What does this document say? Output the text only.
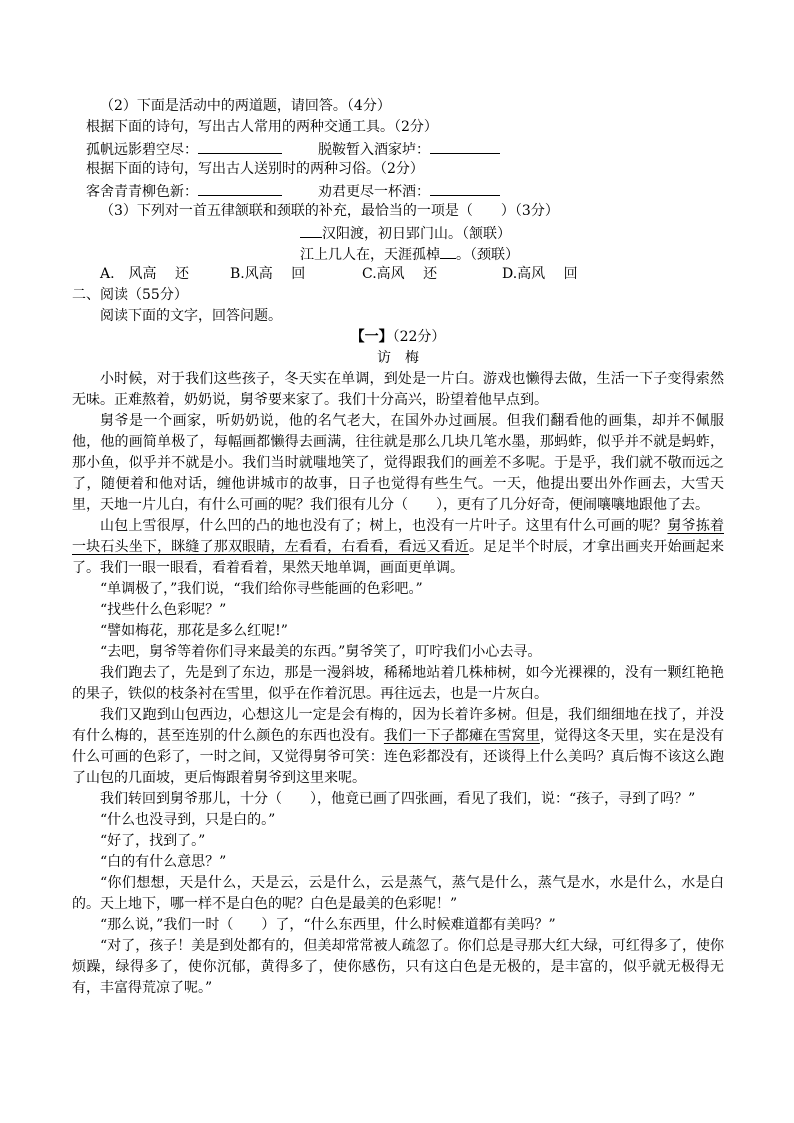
（2）下面是活动中的两道题，请回答。（4分）
根据下面的诗句，写出古人常用的两种交通工具。（2分）
孤帆远影碧空尽：	脱鞍暂入酒家垆：
根据下面的诗句，写出古人送别时的两种习俗。（2分）
客舍青青柳色新：	劝君更尽一杯酒：
（3）下列对一首五律颔联和颈联的补充，最恰当的一项是（　　）（3分）
汉阳渡，初日郢门山。（颔联）
江上几人在，天涯孤棹 。（颈联）
A.　风高　 还	B.风高　 回	C.高风　 还	D.高风　 回
二、阅读（55分）
阅读下面的文字，回答问题。
【一】（22分）
访　梅
小时候，对于我们这些孩子，冬天实在单调，到处是一片白。游戏也懒得去做，生活一下子变得索然无味。正难熬着，奶奶说，舅爷要来家了。我们十分高兴，盼望着他早点到。
舅爷是一个画家，听奶奶说，他的名气老大，在国外办过画展。但我们翻看他的画集，却并不佩服他，他的画简单极了，每幅画都懒得去画满，往往就是那么几块几笔水墨，那蚂蚱，似乎并不就是蚂蚱，那小鱼，似乎并不就是小。我们当时就嗤地笑了，觉得跟我们的画差不多呢。于是乎，我们就不敬而远之了，随便着和他对话，缠他讲城市的故事，日子也觉得有些生气。一天，他提出要出外作画去，大雪天里，天地一片儿白，有什么可画的呢？我们很有儿分（　　），更有了几分好奇，便闹嚷嚷地跟他了去。
山包上雪很厚，什么凹的凸的地也没有了；树上，也没有一片叶子。这里有什么可画的呢？舅爷拣着一块石头坐下，眯缝了那双眼睛，左看看，右看看，看远又看近。足足半个时辰，才拿出画夹开始画起来了。我们一眼一眼看，看着看着，果然天地单调，画面更单调。
“单调极了，”我们说，“我们给你寻些能画的色彩吧。”
“找些什么色彩呢？”
“譬如梅花，那花是多么红呢!”
“去吧，舅爷等着你们寻来最美的东西。”舅爷笑了，叮咛我们小心去寻。
我们跑去了，先是到了东边，那是一漫斜坡，稀稀地站着几株柿树，如今光裸裸的，没有一颗红艳艳的果子，铁似的枝条衬在雪里，似乎在作着沉思。再往远去，也是一片灰白。
我们又跑到山包西边，心想这儿一定是会有梅的，因为长着许多树。但是，我们细细地在找了，并没有什么梅的，甚至连别的什么颜色的东西也没有。我们一下子都瘫在雪窝里，觉得这冬天里，实在是没有什么可画的色彩了，一时之间，又觉得舅爷可笑：连色彩都没有，还谈得上什么美吗？真后悔不该这么跑了山包的几面坡，更后悔跟着舅爷到这里来呢。
我们转回到舅爷那儿，十分（　　），他竟已画了四张画，看见了我们，说：“孩子，寻到了吗？”
“什么也没寻到，只是白的。”
“好了，找到了。”
“白的有什么意思？”
“你们想想，天是什么，天是云，云是什么，云是蒸气，蒸气是什么，蒸气是水，水是什么，水是白的。天上地下，哪一样不是白色的呢？白色是最美的色彩呢！”
“那么说，”我们一时（　　）了，“什么东西里，什么时候难道都有美吗？”
“对了，孩子！美是到处都有的，但美却常常被人疏忽了。你们总是寻那大红大绿，可红得多了，使你烦躁，绿得多了，使你沉郁，黄得多了，使你感伤，只有这白色是无极的，是丰富的，似乎就无极得无有，丰富得荒凉了呢。”
